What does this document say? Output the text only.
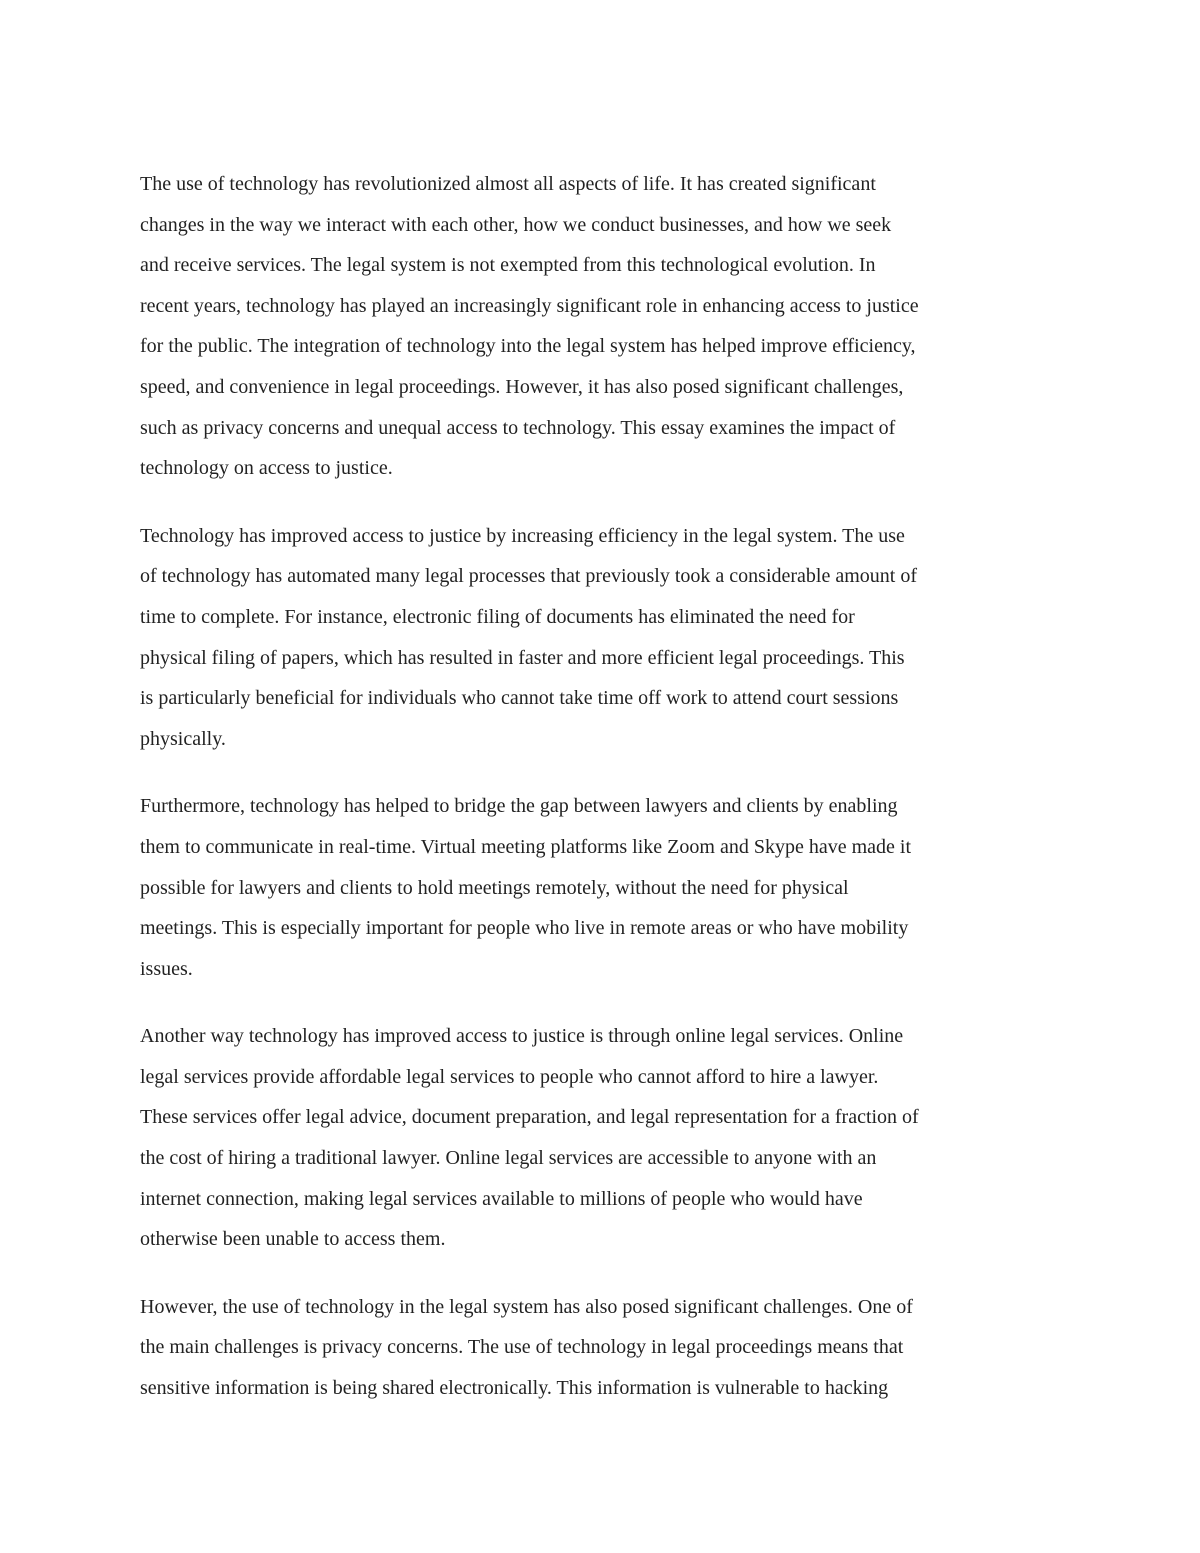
The use of technology has revolutionized almost all aspects of life. It has created significant
changes in the way we interact with each other, how we conduct businesses, and how we seek
and receive services. The legal system is not exempted from this technological evolution. In
recent years, technology has played an increasingly significant role in enhancing access to justice
for the public. The integration of technology into the legal system has helped improve efficiency,
speed, and convenience in legal proceedings. However, it has also posed significant challenges,
such as privacy concerns and unequal access to technology. This essay examines the impact of
technology on access to justice.

Technology has improved access to justice by increasing efficiency in the legal system. The use
of technology has automated many legal processes that previously took a considerable amount of
time to complete. For instance, electronic filing of documents has eliminated the need for
physical filing of papers, which has resulted in faster and more efficient legal proceedings. This
is particularly beneficial for individuals who cannot take time off work to attend court sessions
physically.

Furthermore, technology has helped to bridge the gap between lawyers and clients by enabling
them to communicate in real-time. Virtual meeting platforms like Zoom and Skype have made it
possible for lawyers and clients to hold meetings remotely, without the need for physical
meetings. This is especially important for people who live in remote areas or who have mobility
issues.

Another way technology has improved access to justice is through online legal services. Online
legal services provide affordable legal services to people who cannot afford to hire a lawyer.
These services offer legal advice, document preparation, and legal representation for a fraction of
the cost of hiring a traditional lawyer. Online legal services are accessible to anyone with an
internet connection, making legal services available to millions of people who would have
otherwise been unable to access them.

However, the use of technology in the legal system has also posed significant challenges. One of
the main challenges is privacy concerns. The use of technology in legal proceedings means that
sensitive information is being shared electronically. This information is vulnerable to hacking
